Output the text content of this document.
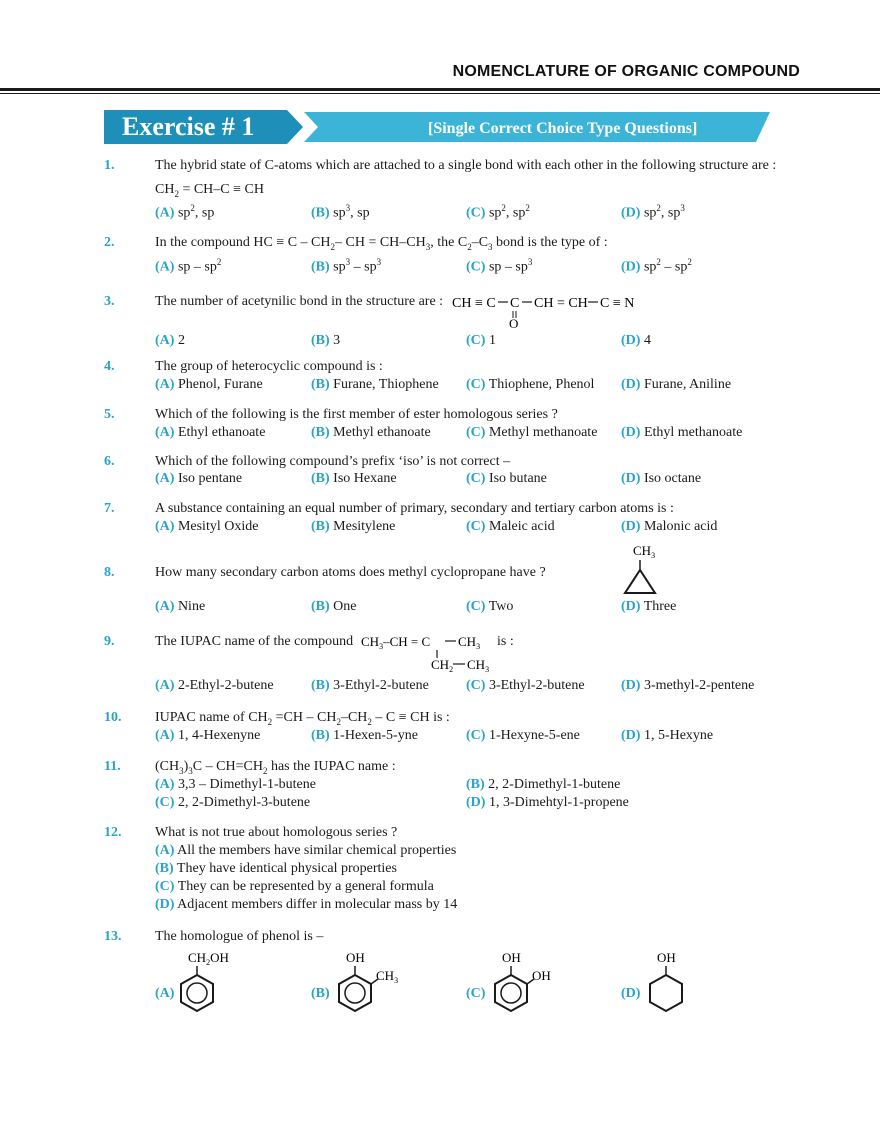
NOMENCLATURE OF ORGANIC COMPOUND
Exercise # 1	[Single Correct Choice Type Questions]
1.	The hybrid state of C-atoms which are attached to a single bond with each other in the following structure are :
$CH_2 = CH-C$ ≡ CH
(A) $sp^2$, sp	(B) $sp^3$, sp	(C) $sp^2$, $sp^2$	(D) $sp^2$, $sp^3$
2.	In the compound HC ≡ C – $CH_2-$ CH = $CH-CH_3$, the $C_2-C_3$ bond is the type of :
(A) sp – $sp^2$	(B) $sp^3 - sp^3$	(C) sp – $sp^3$	(D) $sp^2 - sp^2$
3.	The number of acetynilic bond in the structure are : CH ≡ C C CH = CH C ≡ N
O
(A) 2	(B) 3	(C) 1	(D) 4
4.	The group of heterocyclic compound is :
(A) Phenol, Furane	(B) Furane, Thiophene (C) Thiophene, Phenol (D) Furane, Aniline
5.	Which of the following is the first member of ester homologous series ?
(A) Ethyl ethanoate	(B) Methyl ethanoate	(C) Methyl methanoate (D) Ethyl methanoate
6.	Which of the following compound’s prefix ‘iso’ is not correct –
(A) Iso pentane	(B) Iso Hexane	(C) Iso butane	(D) Iso octane
7.	A substance containing an equal number of primary, secondary and tertiary carbon atoms is :
(A) Mesityl Oxide	(B) Mesitylene	(C) Maleic acid	(D) Malonic acid
8.	How many secondary carbon atoms does methyl cyclopropane have ?
$CH_3$
(A) Nine	(B) One	(C) Two	(D) Three
9.	The IUPAC name of the compound $CH_3-CH = C$ $CH_3$
$CH_2$ $CH_3$
is :
(A) 2-Ethyl-2-butene	(B) 3-Ethyl-2-butene	(C) 3-Ethyl-2-butene	(D) 3-methyl-2-pentene
10. IUPAC name of $CH_2 =CH - CH_2-CH_2 - C$ ≡ CH is :
(A) 1, 4-Hexenyne	(B) 1-Hexen-5-yne	(C) 1-Hexyne-5-ene	(D) 1, 5-Hexyne
11. $(CH_3)_3C - CH=CH_2$ has the IUPAC name :
(A) 3,3 – Dimethyl-1-butene	(B) 2, 2-Dimethyl-1-butene
(C) 2, 2-Dimethyl-3-butene	(D) 1, 3-Dimehtyl-1-propene
12. What is not true about homologous series ?
(A) All the members have similar chemical properties
(B) They have identical physical properties
(C) They can be represented by a general formula
(D) Adjacent members differ in molecular mass by 14
13. The homologue of phenol is –
(A)
$CH_2OH$
(B)
OH
$CH_3$
(C)
OH
OH
(D)
OH
